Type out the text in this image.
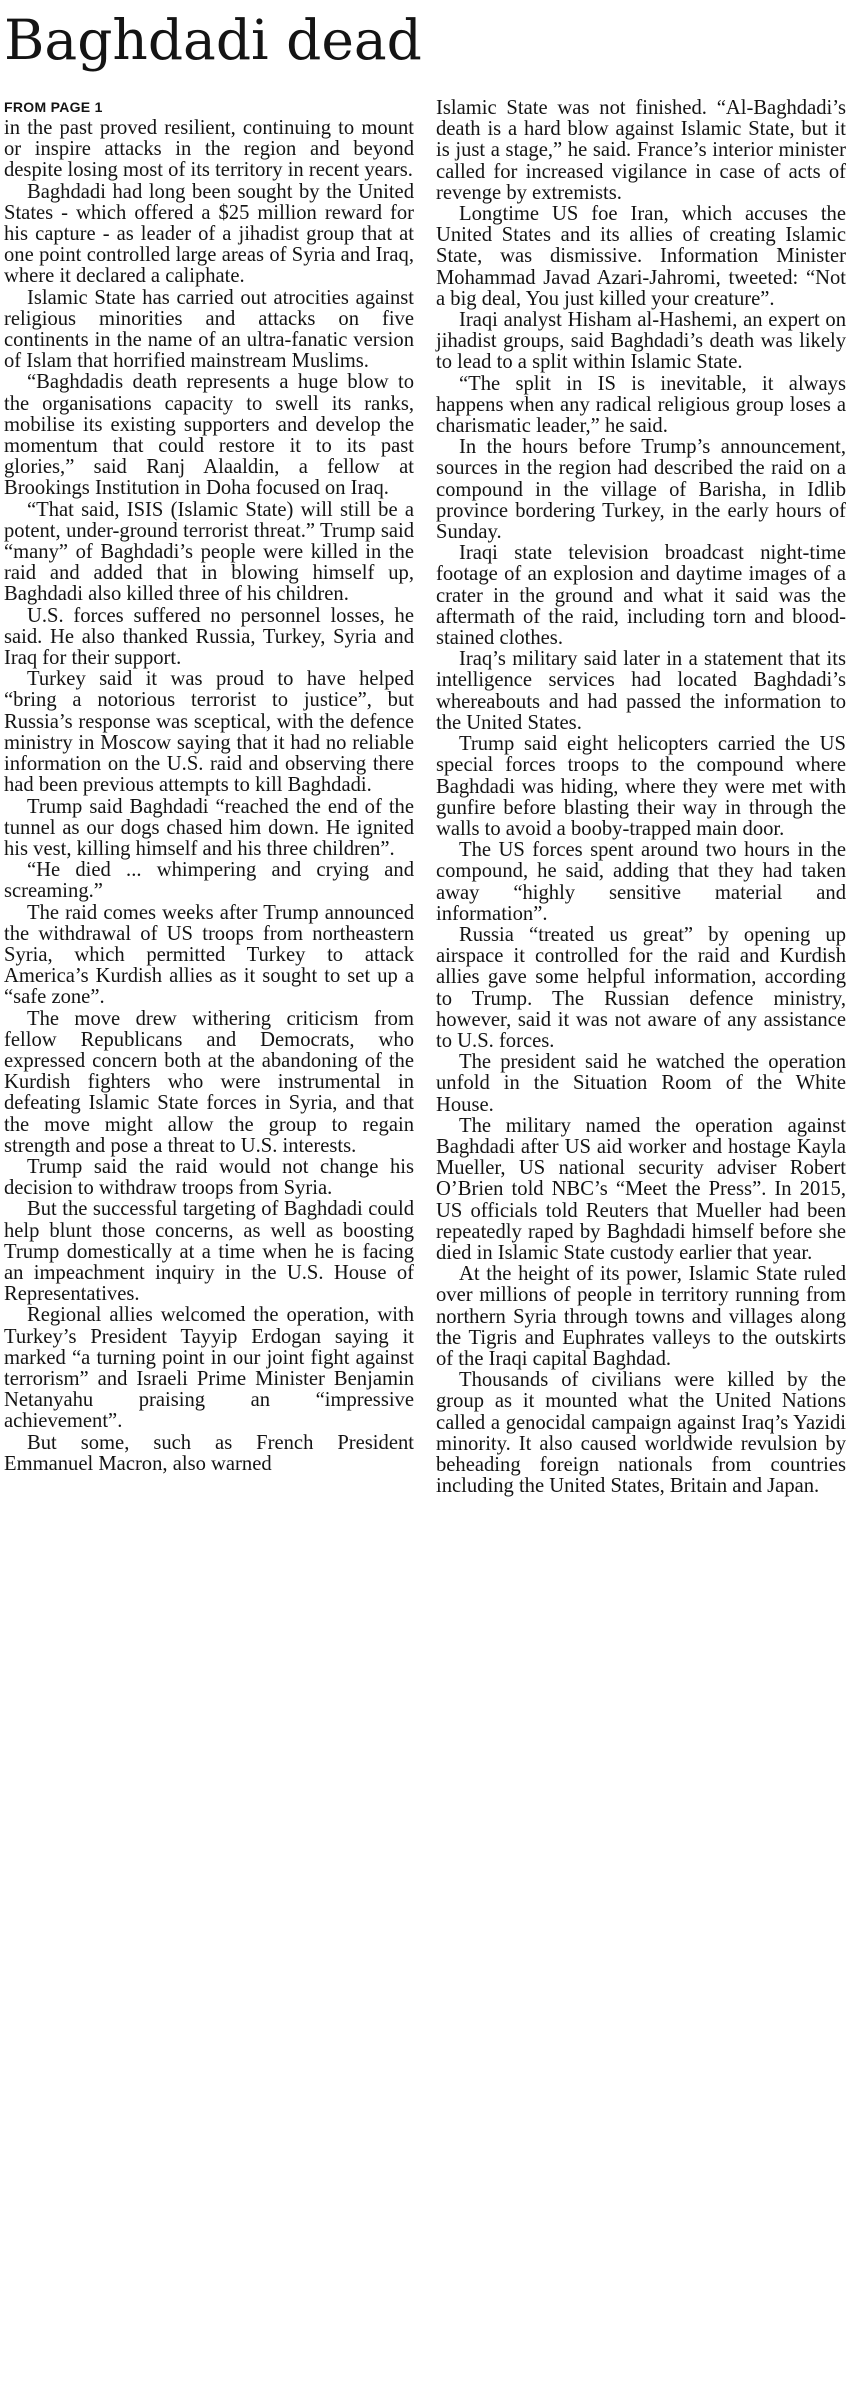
Baghdadi dead
FROM PAGE 1

in the past proved resilient, continuing to mount or inspire attacks in the region and beyond despite losing most of its territory in recent years.

Baghdadi had long been sought by the United States - which offered a $25 million reward for his capture - as leader of a jihadist group that at one point controlled large areas of Syria and Iraq, where it declared a caliphate.

Islamic State has carried out atrocities against religious minorities and attacks on five continents in the name of an ultra-fanatic version of Islam that horrified mainstream Muslims.

“Baghdadis death represents a huge blow to the organisations capacity to swell its ranks, mobilise its existing supporters and develop the momentum that could restore it to its past glories,” said Ranj Alaaldin, a fellow at Brookings Institution in Doha focused on Iraq.

“That said, ISIS (Islamic State) will still be a potent, under-ground terrorist threat.” Trump said “many” of Baghdadi’s people were killed in the raid and added that in blowing himself up, Baghdadi also killed three of his children.

U.S. forces suffered no personnel losses, he said. He also thanked Russia, Turkey, Syria and Iraq for their support.

Turkey said it was proud to have helped “bring a notorious terrorist to justice”, but Russia’s response was sceptical, with the defence ministry in Moscow saying that it had no reliable information on the U.S. raid and observing there had been previous attempts to kill Baghdadi.

Trump said Baghdadi “reached the end of the tunnel as our dogs chased him down. He ignited his vest, killing himself and his three children”.

“He died ... whimpering and crying and screaming.”

The raid comes weeks after Trump announced the withdrawal of US troops from northeastern Syria, which permitted Turkey to attack America’s Kurdish allies as it sought to set up a “safe zone”.

The move drew withering criticism from fellow Republicans and Democrats, who expressed concern both at the abandoning of the Kurdish fighters who were instrumental in defeating Islamic State forces in Syria, and that the move might allow the group to regain strength and pose a threat to U.S. interests.

Trump said the raid would not change his decision to withdraw troops from Syria.

But the successful targeting of Baghdadi could help blunt those concerns, as well as boosting Trump domestically at a time when he is facing an impeachment inquiry in the U.S. House of Representatives.

Regional allies welcomed the operation, with Turkey’s President Tayyip Erdogan saying it marked “a turning point in our joint fight against terrorism” and Israeli Prime Minister Benjamin Netanyahu praising an “impressive achievement”.

But some, such as French President Emmanuel Macron, also warned

Islamic State was not finished. “Al-Baghdadi’s death is a hard blow against Islamic State, but it is just a stage,” he said. France’s interior minister called for increased vigilance in case of acts of revenge by extremists.

Longtime US foe Iran, which accuses the United States and its allies of creating Islamic State, was dismissive. Information Minister Mohammad Javad Azari-Jahromi, tweeted: “Not a big deal, You just killed your creature”.

Iraqi analyst Hisham al-Hashemi, an expert on jihadist groups, said Baghdadi’s death was likely to lead to a split within Islamic State.

“The split in IS is inevitable, it always happens when any radical religious group loses a charismatic leader,” he said.

In the hours before Trump’s announcement, sources in the region had described the raid on a compound in the village of Barisha, in Idlib province bordering Turkey, in the early hours of Sunday.

Iraqi state television broadcast night-time footage of an explosion and daytime images of a crater in the ground and what it said was the aftermath of the raid, including torn and blood-stained clothes.

Iraq’s military said later in a statement that its intelligence services had located Baghdadi’s whereabouts and had passed the information to the United States.

Trump said eight helicopters carried the US special forces troops to the compound where Baghdadi was hiding, where they were met with gunfire before blasting their way in through the walls to avoid a booby-trapped main door.

The US forces spent around two hours in the compound, he said, adding that they had taken away “highly sensitive material and information”.

Russia “treated us great” by opening up airspace it controlled for the raid and Kurdish allies gave some helpful information, according to Trump. The Russian defence ministry, however, said it was not aware of any assistance to U.S. forces.

The president said he watched the operation unfold in the Situation Room of the White House.

The military named the operation against Baghdadi after US aid worker and hostage Kayla Mueller, US national security adviser Robert O’Brien told NBC’s “Meet the Press”. In 2015, US officials told Reuters that Mueller had been repeatedly raped by Baghdadi himself before she died in Islamic State custody earlier that year.

At the height of its power, Islamic State ruled over millions of people in territory running from northern Syria through towns and villages along the Tigris and Euphrates valleys to the outskirts of the Iraqi capital Baghdad.

Thousands of civilians were killed by the group as it mounted what the United Nations called a genocidal campaign against Iraq’s Yazidi minority. It also caused worldwide revulsion by beheading foreign nationals from countries including the United States, Britain and Japan.
